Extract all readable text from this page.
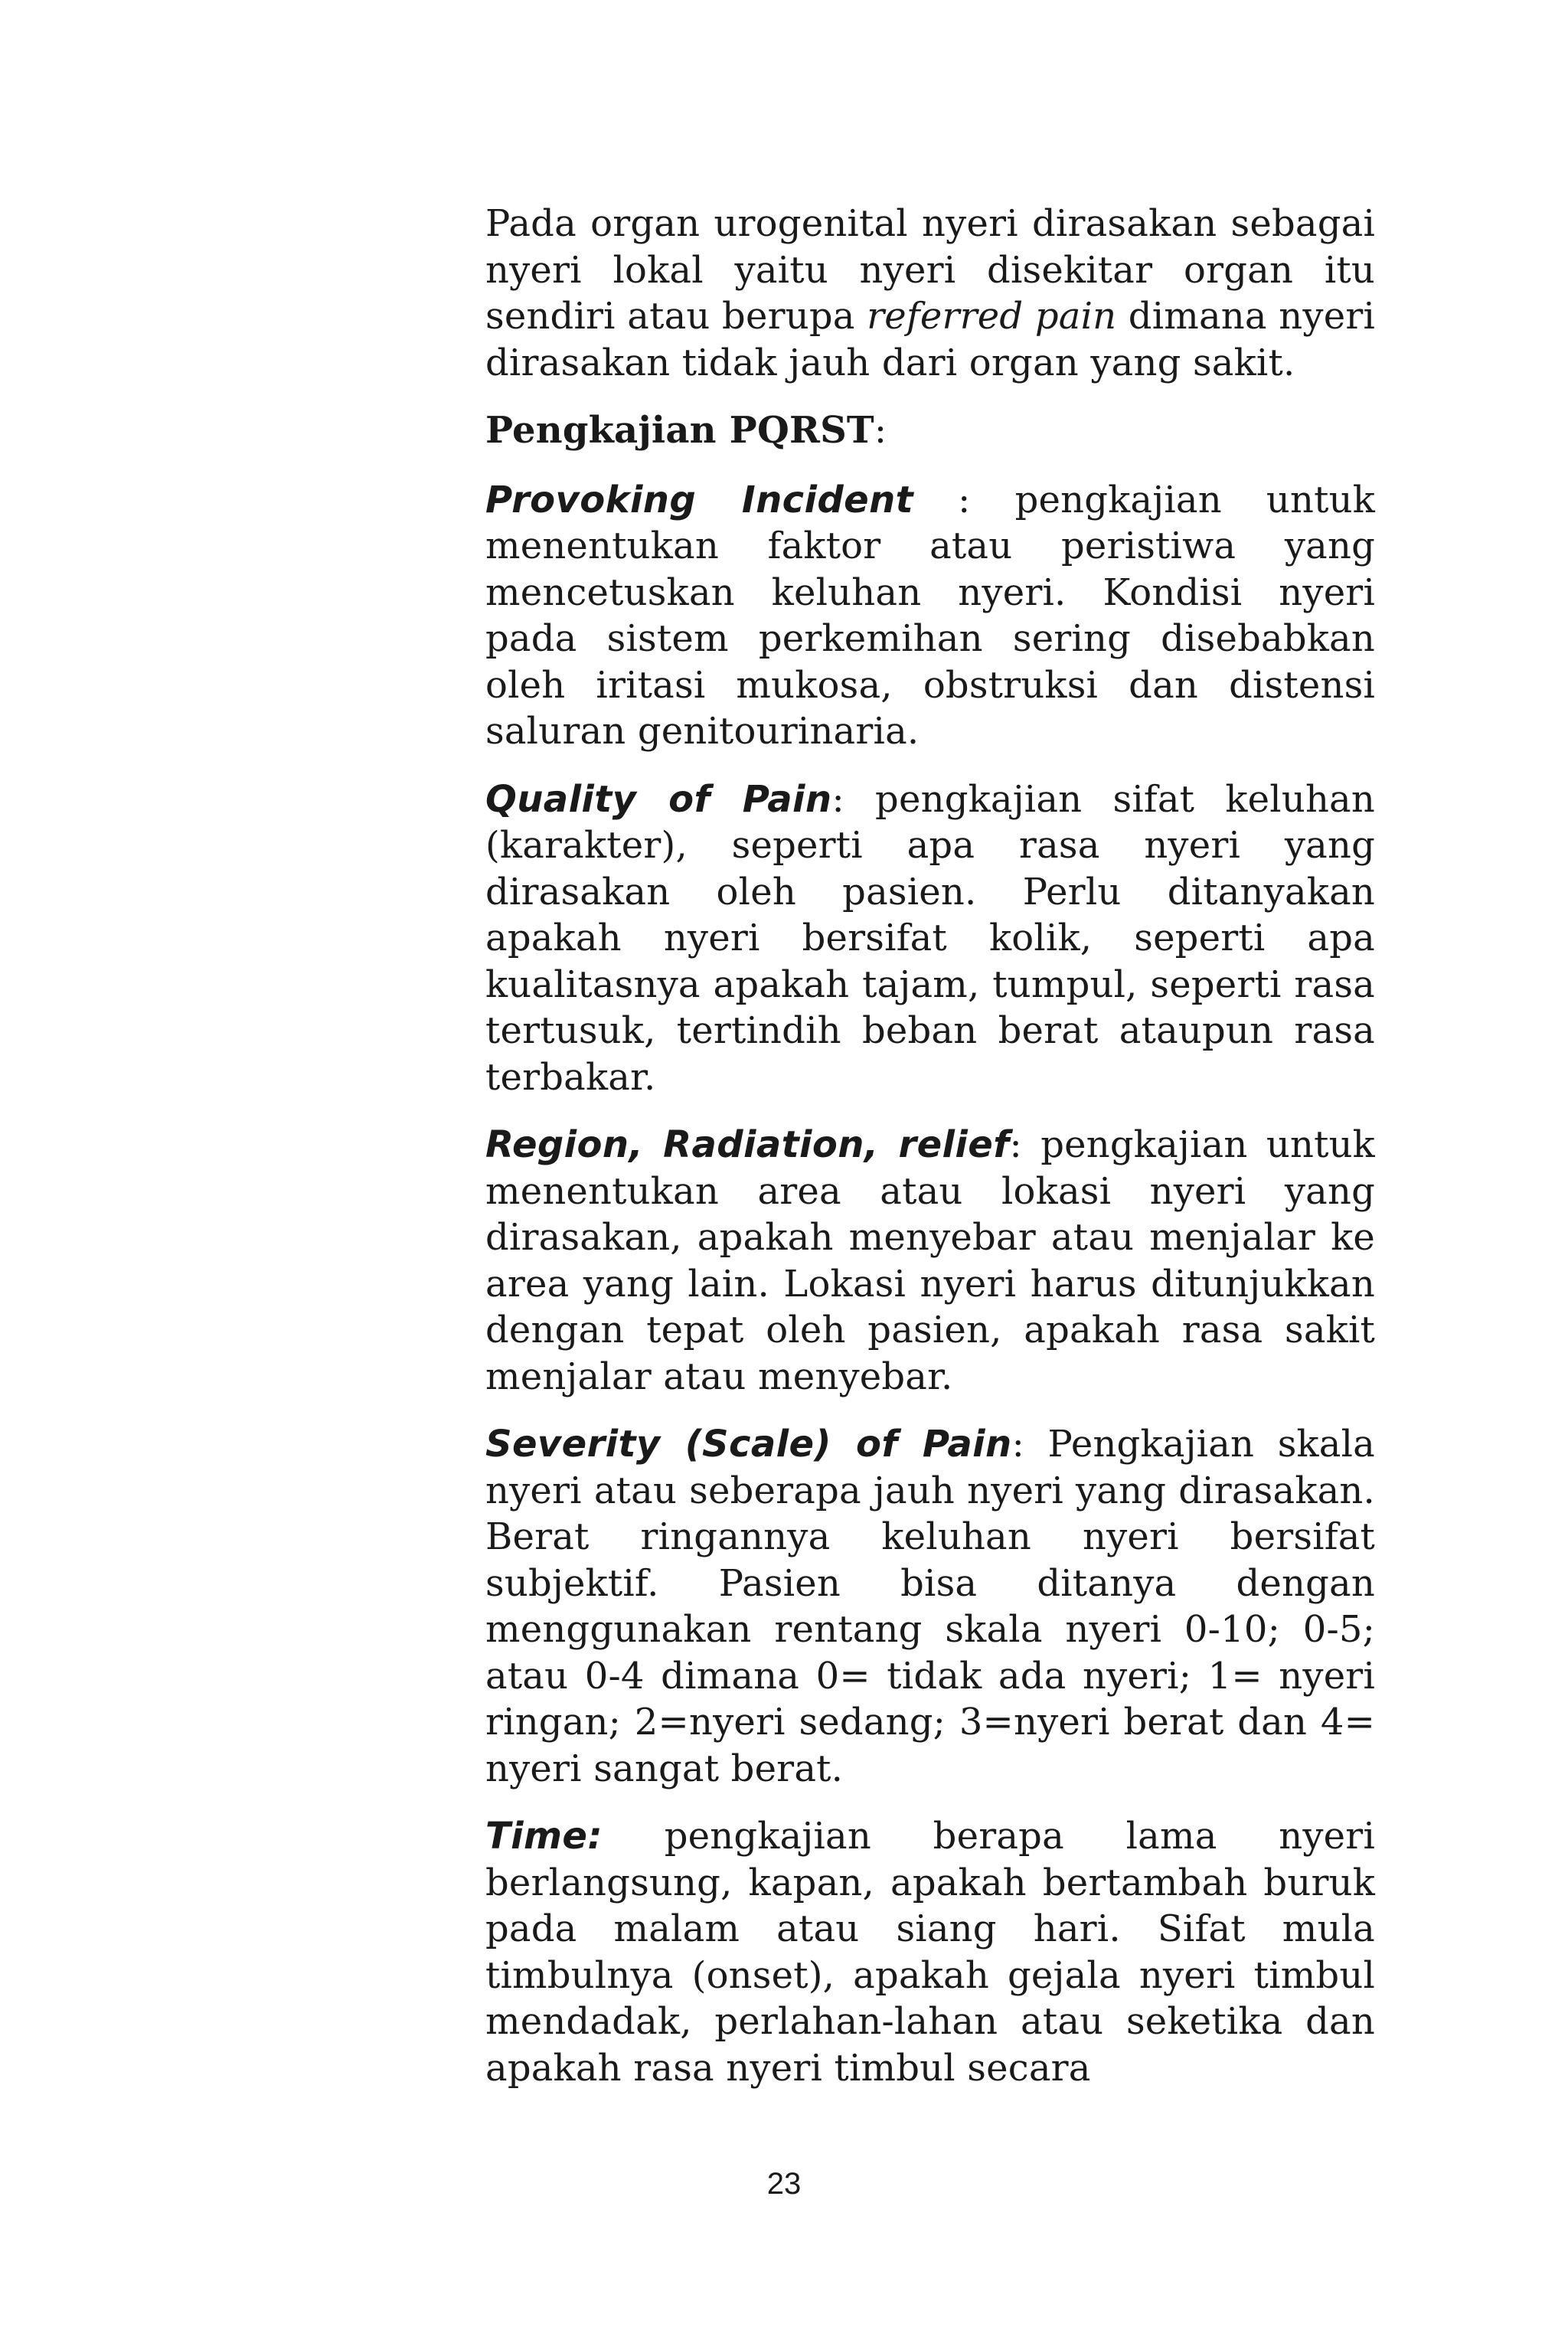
Pada organ urogenital nyeri dirasakan sebagai nyeri lokal yaitu nyeri disekitar organ itu sendiri atau berupa referred pain dimana nyeri dirasakan tidak jauh dari organ yang sakit.

Pengkajian PQRST:

Provoking Incident : pengkajian untuk menentukan faktor atau peristiwa yang mencetuskan keluhan nyeri. Kondisi nyeri pada sistem perkemihan sering disebabkan oleh iritasi mukosa, obstruksi dan distensi saluran genitourinaria.

Quality of Pain: pengkajian sifat keluhan (karakter), seperti apa rasa nyeri yang dirasakan oleh pasien. Perlu ditanyakan apakah nyeri bersifat kolik, seperti apa kualitasnya apakah tajam, tumpul, seperti rasa tertusuk, tertindih beban berat ataupun rasa terbakar.

Region, Radiation, relief: pengkajian untuk menentukan area atau lokasi nyeri yang dirasakan, apakah menyebar atau menjalar ke area yang lain. Lokasi nyeri harus ditunjukkan dengan tepat oleh pasien, apakah rasa sakit menjalar atau menyebar.

Severity (Scale) of Pain: Pengkajian skala nyeri atau seberapa jauh nyeri yang dirasakan. Berat ringannya keluhan nyeri bersifat subjektif. Pasien bisa ditanya dengan menggunakan rentang skala nyeri 0-10; 0-5; atau 0-4 dimana 0= tidak ada nyeri; 1= nyeri ringan; 2=nyeri sedang; 3=nyeri berat dan 4= nyeri sangat berat.

Time: pengkajian berapa lama nyeri berlangsung, kapan, apakah bertambah buruk pada malam atau siang hari. Sifat mula timbulnya (onset), apakah gejala nyeri timbul mendadak, perlahan-lahan atau seketika dan apakah rasa nyeri timbul secara

23
